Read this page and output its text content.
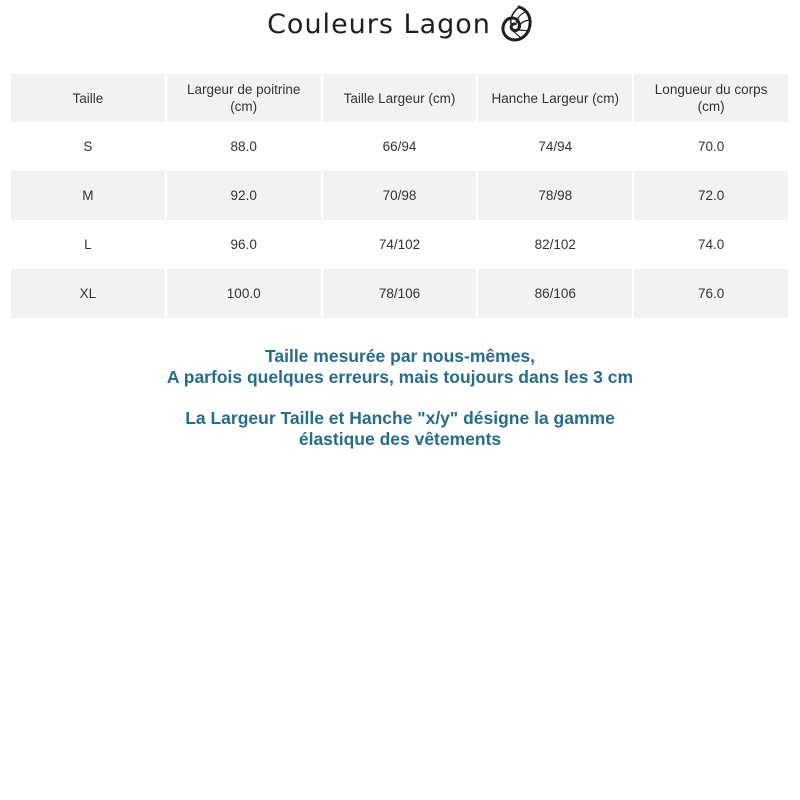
Couleurs Lagon
Taille	Largeur de poitrine (cm)	Taille Largeur (cm)	Hanche Largeur (cm)	Longueur du corps (cm)
S	88.0	66/94	74/94	70.0
M	92.0	70/98	78/98	72.0
L	96.0	74/102	82/102	74.0
XL	100.0	78/106	86/106	76.0

Taille mesurée par nous-mêmes,

A parfois quelques erreurs, mais toujours dans les 3 cm

La Largeur Taille et Hanche "x/y" désigne la gamme

élastique des vêtements
